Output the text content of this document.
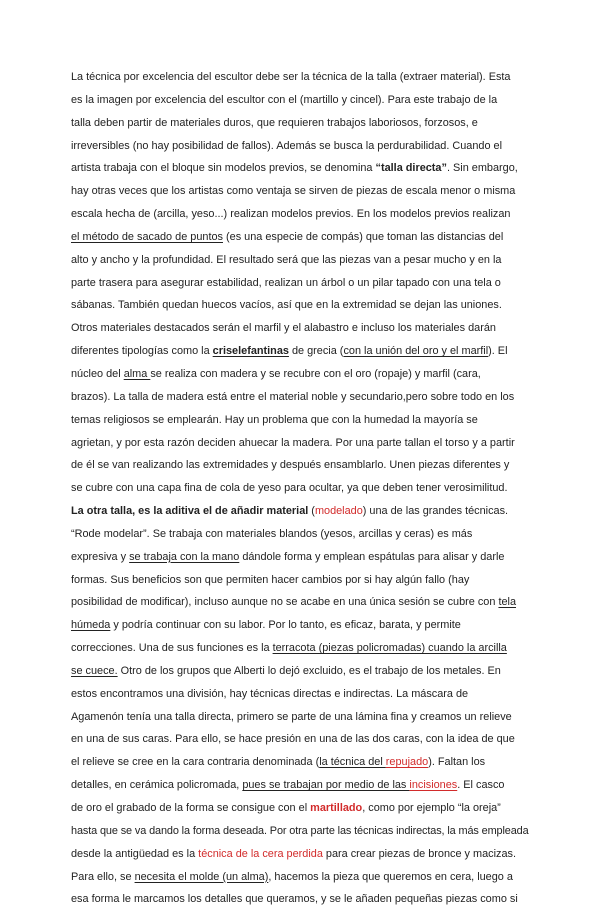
La técnica por excelencia del escultor debe ser la técnica de la talla (extraer material). Esta
es la imagen por excelencia del escultor con el (martillo y cincel). Para este trabajo de la
talla deben partir de materiales duros, que requieren trabajos laboriosos, forzosos, e
irreversibles (no hay posibilidad de fallos). Además se busca la perdurabilidad. Cuando el
artista trabaja con el bloque sin modelos previos, se denomina “talla directa”. Sin embargo,
hay otras veces que los artistas como ventaja se sirven de piezas de escala menor o misma
escala hecha de (arcilla, yeso...) realizan modelos previos. En los modelos previos realizan
el método de sacado de puntos (es una especie de compás) que toman las distancias del
alto y ancho y la profundidad. El resultado será que las piezas van a pesar mucho y en la
parte trasera para asegurar estabilidad, realizan un árbol o un pilar tapado con una tela o
sábanas. También quedan huecos vacíos, así que en la extremidad se dejan las uniones.
Otros materiales destacados serán el marfil y el alabastro e incluso los materiales darán
diferentes tipologías como la criselefantinas de grecia (con la unión del oro y el marfil). El
núcleo del alma se realiza con madera y se recubre con el oro (ropaje) y marfil (cara,
brazos). La talla de madera está entre el material noble y secundario,pero sobre todo en los
temas religiosos se emplearán. Hay un problema que con la humedad la mayoría se
agrietan, y por esta razón deciden ahuecar la madera. Por una parte tallan el torso y a partir
de él se van realizando las extremidades y después ensamblarlo. Unen piezas diferentes y
se cubre con una capa fina de cola de yeso para ocultar, ya que deben tener verosimilitud.
La otra talla, es la aditiva el de añadir material (modelado) una de las grandes técnicas.
“Rode modelar”. Se trabaja con materiales blandos (yesos, arcillas y ceras) es más
expresiva y se trabaja con la mano dándole forma y emplean espátulas para alisar y darle
formas. Sus beneficios son que permiten hacer cambios por si hay algún fallo (hay
posibilidad de modificar), incluso aunque no se acabe en una única sesión se cubre con tela
húmeda y podría continuar con su labor. Por lo tanto, es eficaz, barata, y permite
correcciones. Una de sus funciones es la terracota (piezas policromadas) cuando la arcilla
se cuece. Otro de los grupos que Alberti lo dejó excluido, es el trabajo de los metales. En
estos encontramos una división, hay técnicas directas e indirectas. La máscara de
Agamenón tenía una talla directa, primero se parte de una lámina fina y creamos un relieve
en una de sus caras. Para ello, se hace presión en una de las dos caras, con la idea de que
el relieve se cree en la cara contraria denominada (la técnica del repujado). Faltan los
detalles, en cerámica policromada, pues se trabajan por medio de las incisiones. El casco
de oro el grabado de la forma se consigue con el martillado, como por ejemplo “la oreja”
hasta que se va dando la forma deseada. Por otra parte las técnicas indirectas, la más empleada
desde la antigüedad es la técnica de la cera perdida para crear piezas de bronce y macizas.
Para ello, se necesita el molde (un alma), hacemos la pieza que queremos en cera, luego a
esa forma le marcamos los detalles que queramos, y se le añaden pequeñas piezas como si
